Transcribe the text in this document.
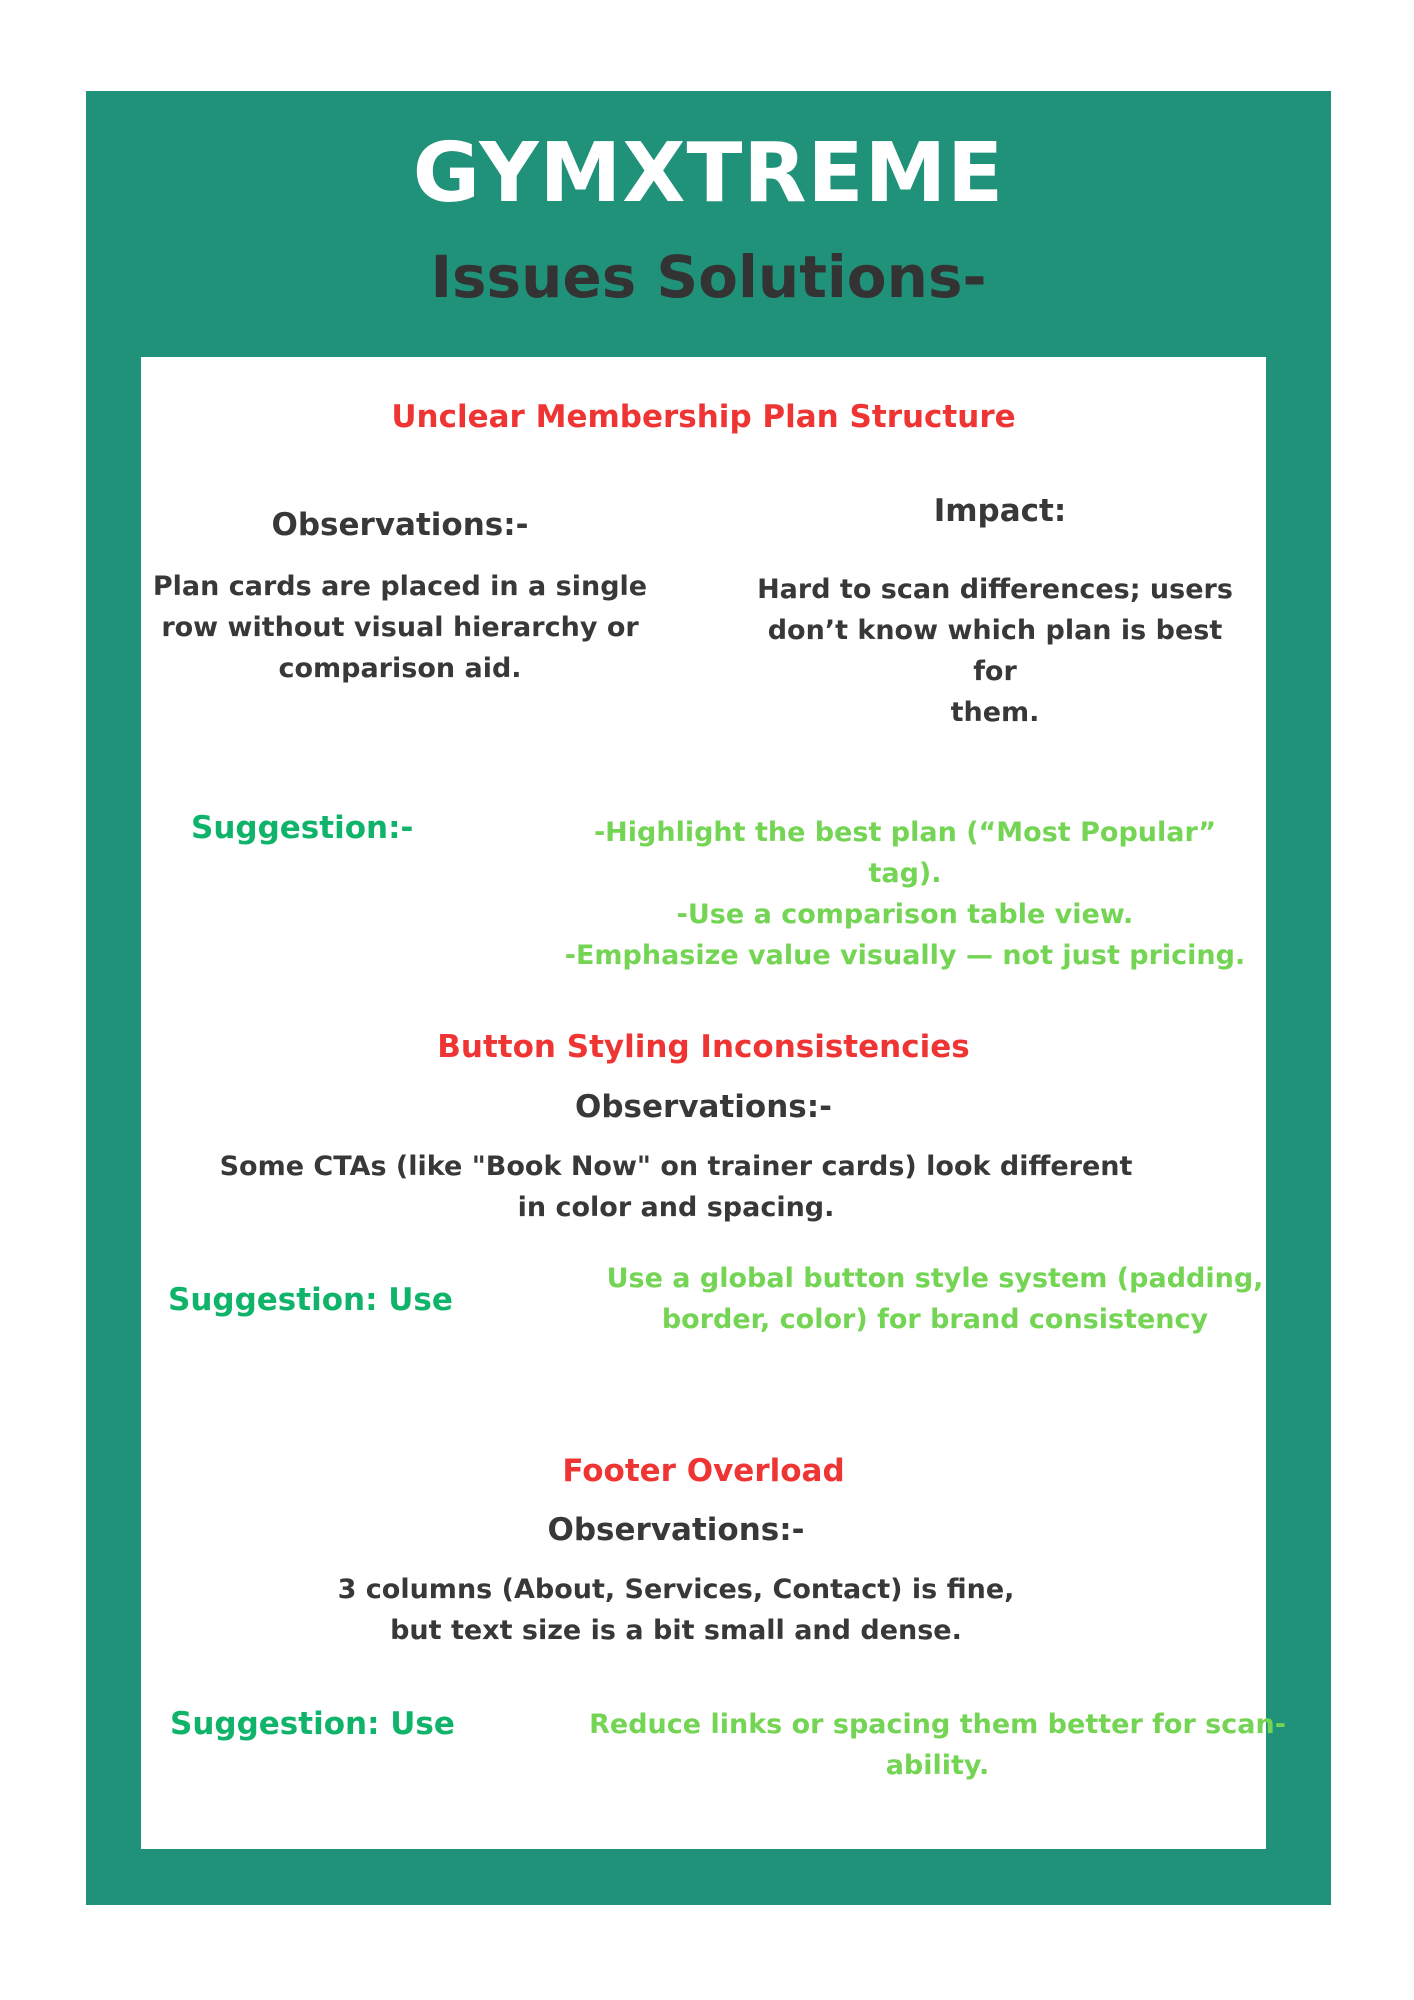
GYMXTREME
Issues Solutions-
Unclear Membership Plan Structure
Observations:-
Plan cards are placed in a single
row without visual hierarchy or
comparison aid.
Impact:
Hard to scan differences; users
don’t know which plan is best for
them.
Suggestion:-	-Highlight the best plan (“Most Popular” tag).
-Use a comparison table view.
-Emphasize value visually — not just pricing.
Button Styling Inconsistencies
Observations:-
Some CTAs (like "Book Now" on trainer cards) look different
in color and spacing.
Suggestion: Use
Use a global button style system (padding,
border, color) for brand consistency
Footer Overload
Observations:-
3 columns (About, Services, Contact) is fine,
but text size is a bit small and dense.
Suggestion: Use	Reduce links or spacing them better for scan-
ability.
